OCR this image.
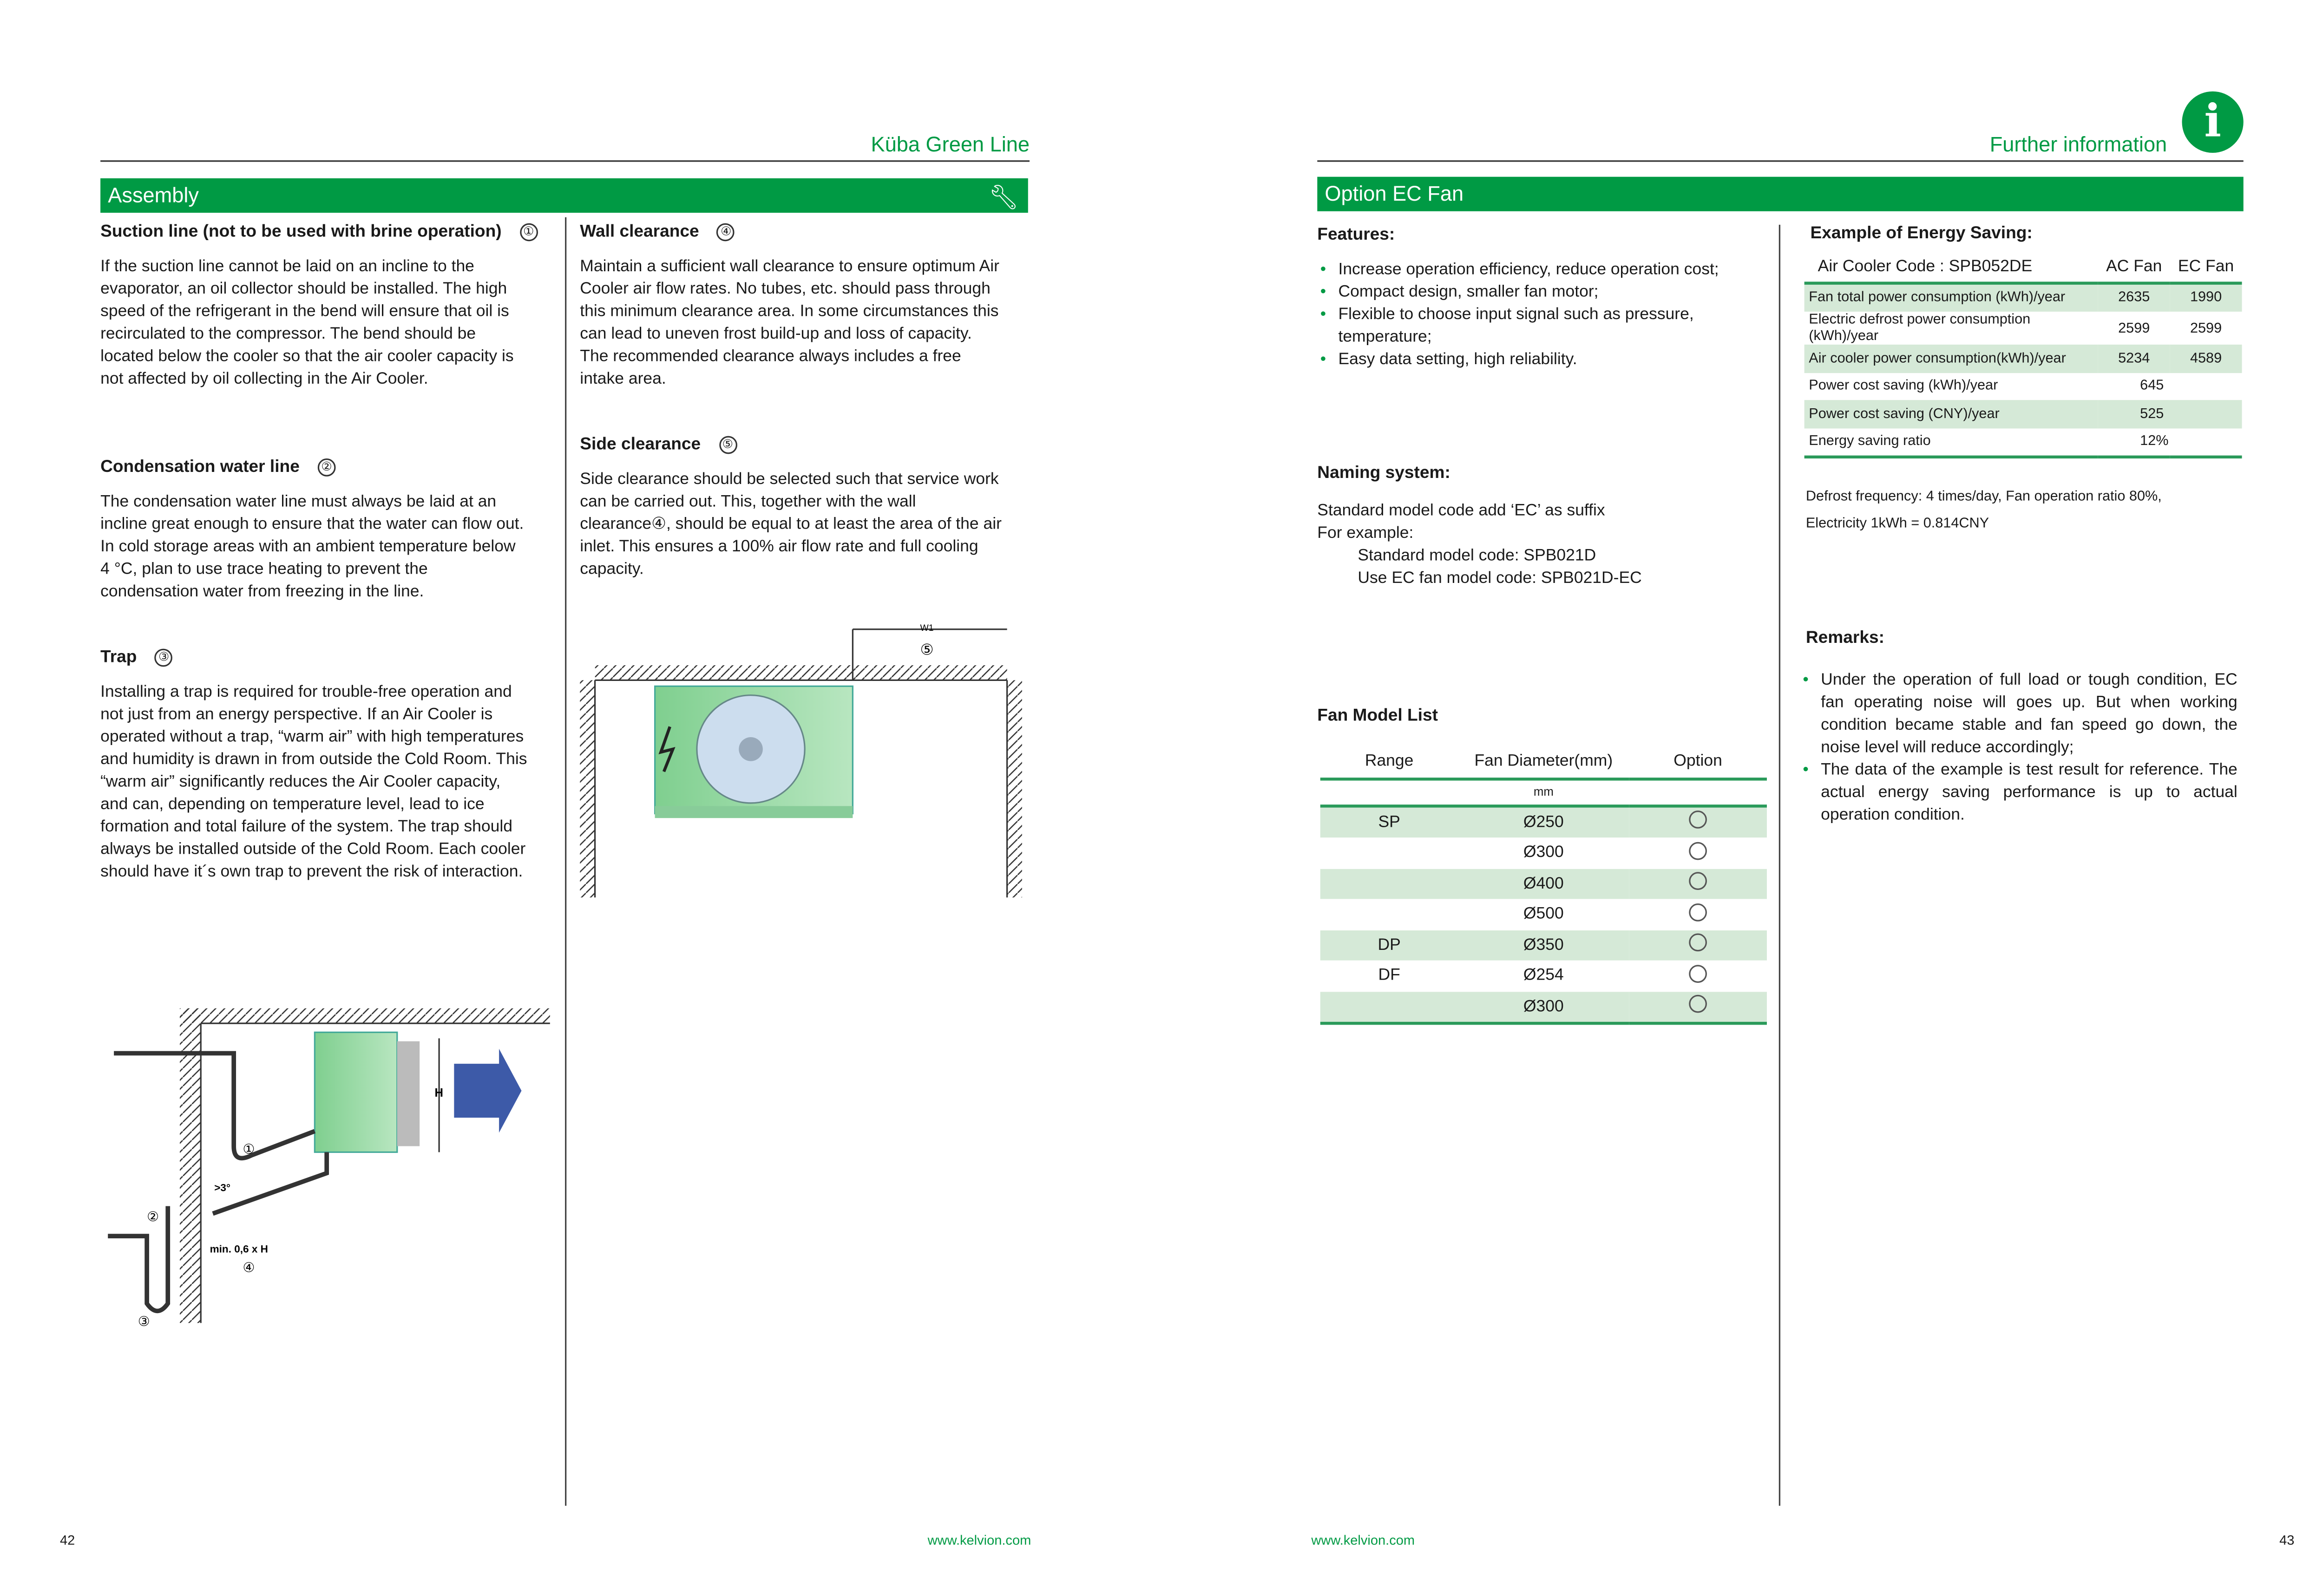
Küba Green Line
Assembly	🔧︎
Suction line (not to be used with brine operation)	①
If the suction line cannot be laid on an incline to the evaporator, an oil collector should be installed. The high speed of the refrigerant in the bend will ensure that oil is recirculated to the compressor. The bend should be located below the cooler so that the air cooler capacity is not affected by oil collecting in the Air Cooler.
Condensation water line	②
The condensation water line must always be laid at an incline great enough to ensure that the water can flow out. In cold storage areas with an ambient temperature below 4 °C, plan to use trace heating to prevent the condensation water from freezing in the line.
Trap	③
Installing a trap is required for trouble-free operation and not just from an energy perspective. If an Air Cooler is operated without a trap, “warm air” with high temperatures and humidity is drawn in from outside the Cold Room. This “warm air” significantly reduces the Air Cooler capacity, and can, depending on temperature level, lead to ice formation and total failure of the system. The trap should always be installed outside of the Cold Room. Each cooler should have it´s own trap to prevent the risk of interaction.
Wall clearance	④
Maintain a sufficient wall clearance to ensure optimum Air Cooler air flow rates. No tubes, etc. should pass through this minimum clearance area. In some circumstances this can lead to uneven frost build-up and loss of capacity. The recommended clearance always includes a free intake area.
Side clearance	⑤
Side clearance should be selected such that service work can be carried out. This, together with the wall clearance④, should be equal to at least the area of the air inlet. This ensures a 100% air flow rate and full cooling capacity.
W1
⑤
H
>3°
min. 0,6 x H
①
②
③
④
42	www.kelvion.com
Further information	i
Option EC Fan
Features:
• Increase operation efficiency, reduce operation cost;
• Compact design, smaller fan motor;
• Flexible to choose input signal such as pressure, temperature;
• Easy data setting, high reliability.
Naming system:
Standard model code add ‘EC’ as suffix
For example:
Standard model code: SPB021D
Use EC fan model code: SPB021D-EC
Fan Model List
Range	Fan Diameter(mm)	Option
	mm	
SP	Ø250	
	Ø300	
	Ø400	
	Ø500	
DP	Ø350	
DF	Ø254	
	Ø300	
Example of Energy Saving:
Air Cooler Code : SPB052DE	AC Fan	EC Fan
Fan total power consumption (kWh)/year	2635	1990
Electric defrost power consumption (kWh)/year	2599	2599
Air cooler power consumption(kWh)/year	5234	4589
Power cost saving (kWh)/year	645	
Power cost saving (CNY)/year	525	
Energy saving ratio	12%	
Defrost frequency: 4 times/day, Fan operation ratio 80%,
Electricity 1kWh = 0.814CNY
Remarks:
• Under the operation of full load or tough condition, EC fan operating noise will goes up. But when working condition became stable and fan speed go down, the noise level will reduce accordingly;
• The data of the example is test result for reference. The actual energy saving performance is up to actual operation condition.
www.kelvion.com	43
